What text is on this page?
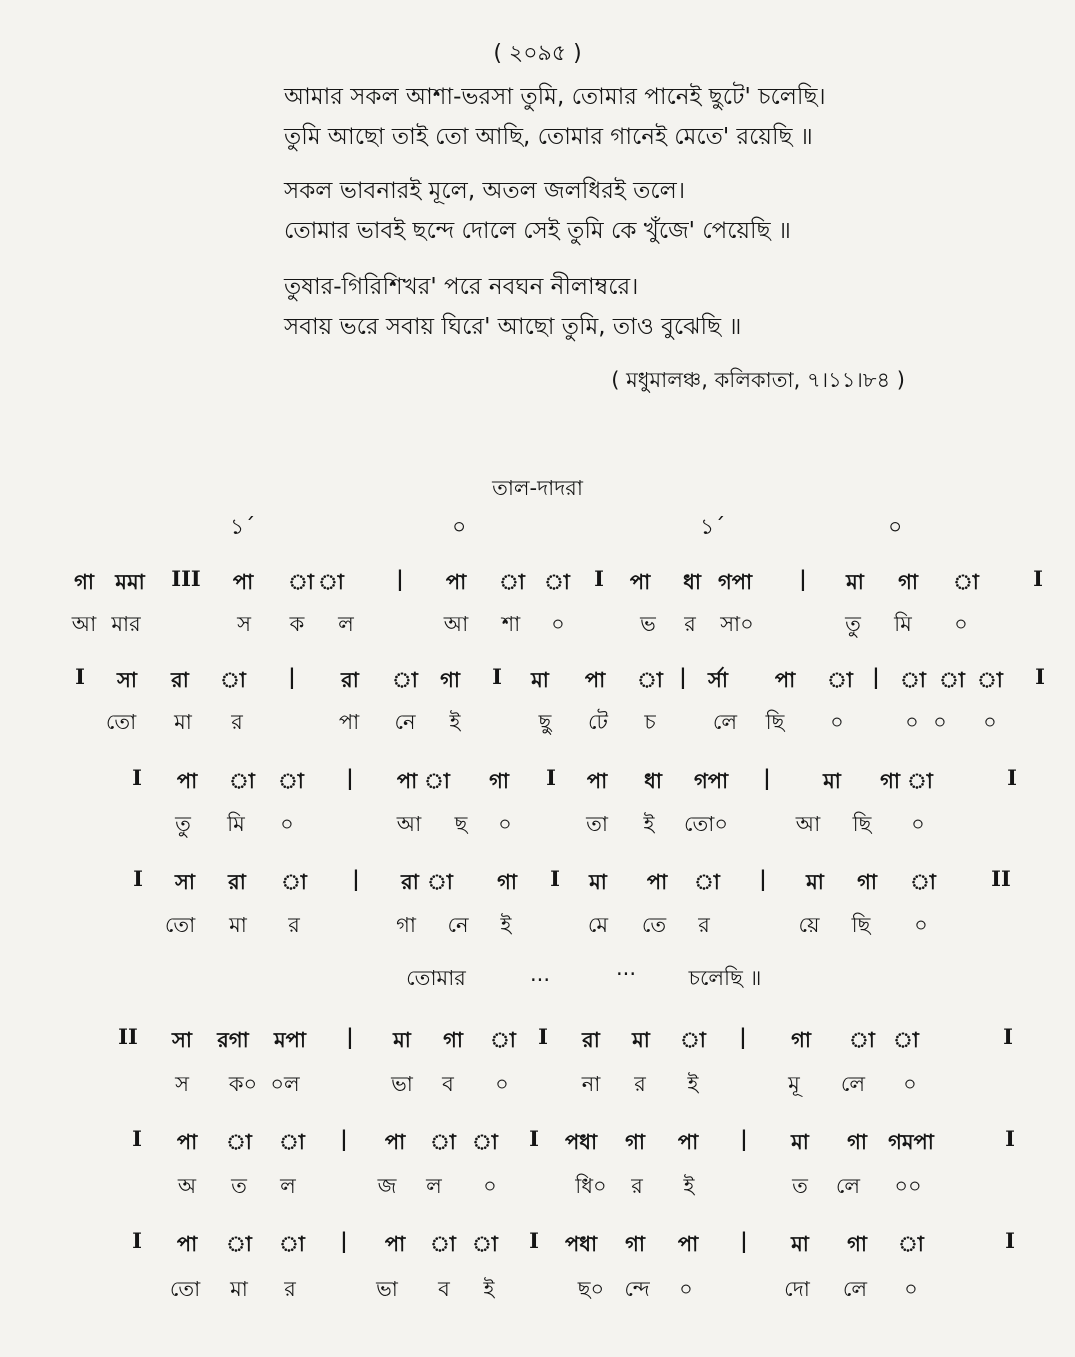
( ২০৯৫ )
আমার সকল আশা-ভরসা তুমি, তোমার পানেই ছুটে' চলেছি।
তুমি আছো তাই তো আছি, তোমার গানেই মেতে' রয়েছি ॥
সকল ভাবনারই মূলে, অতল জলধিরই তলে।
তোমার ভাবই ছন্দে দোলে সেই তুমি কে খুঁজে' পেয়েছি ॥
তুষার-গিরিশিখর' পরে নবঘন নীলাম্বরে।
সবায় ভরে সবায় ঘিরে' আছো তুমি, তাও বুঝেছি ॥
( মধুমালঞ্চ, কলিকাতা, ৭।১১।৮৪ )
তাল-দাদরা
১´	০	১´	০
গা মমা III পা া া | পা া া I পা ধা গপা | মা গা া	I
আ মার	স ক ল	আ শা ০	ভ র সা০	তু মি ০
I সা রা া | রা া গা I মা পা া | র্সা পা া | া া া I
তো মা র	পা নে ই	ছু টে চ	লে ছি ০	০ ০ ০
I পা া া | পা া গা I পা ধা গপা | মা গা া	I
তু মি ০	আ ছ ০	তা ই তো০	আ ছি ০
I সা রা া | রা া গা I মা পা া | মা গা া	II
তো মা র	গা নে ই	মে তে র	য়ে ছি ০
II সা রগা মপা | মা গা া I রা মা া | গা া া	I
স ক০ ০ল	ভা ব ০	না র ই	মূ লে ০
I পা া া | পা া া I পধা গা পা | মা গা গমপা	I
অ ত ল	জ ল ০	ধি০ র ই	ত লে ০০
I পা া া | পা া া I পধা গা পা | মা গা া	I
তো মা র	ভা ব ই	ছ০ ন্দে ০	দো লে ০
তোমার	...	···	চলেছি ॥
